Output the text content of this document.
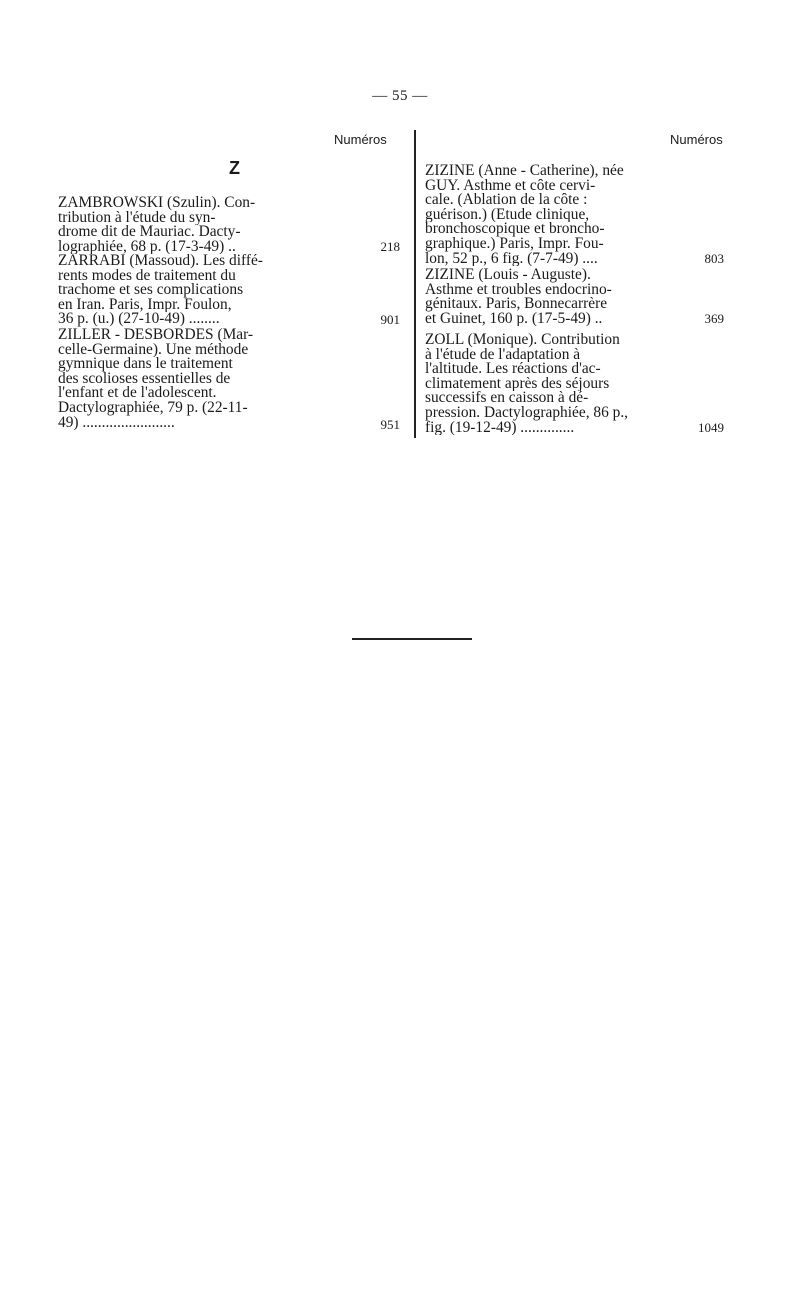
— 55 —
Numéros	Numéros
Z
ZAMBROWSKI (Szulin). Con-
tribution à l'étude du syn-
drome dit de Mauriac. Dacty-
lographiée, 68 p. (17-3-49) ..	218
ZARRABI (Massoud). Les diffé-
rents modes de traitement du
trachome et ses complications
en Iran. Paris, Impr. Foulon,
36 p. (u.) (27-10-49) ........	901
ZILLER - DESBORDES (Mar-
celle-Germaine). Une méthode
gymnique dans le traitement
des scolioses essentielles de
l'enfant et de l'adolescent.
Dactylographiée, 79 p. (22-11-
49) ........................	951
ZIZINE (Anne - Catherine), née
GUY. Asthme et côte cervi-
cale. (Ablation de la côte :
guérison.) (Etude clinique,
bronchoscopique et broncho-
graphique.) Paris, Impr. Fou-
lon, 52 p., 6 fig. (7-7-49) ....	803
ZIZINE (Louis - Auguste).
Asthme et troubles endocrino-
génitaux. Paris, Bonnecarrère
et Guinet, 160 p. (17-5-49) ..	369
ZOLL (Monique). Contribution
à l'étude de l'adaptation à
l'altitude. Les réactions d'ac-
climatement après des séjours
successifs en caisson à dé-
pression. Dactylographiée, 86 p.,
fig. (19-12-49) ..............	1049
